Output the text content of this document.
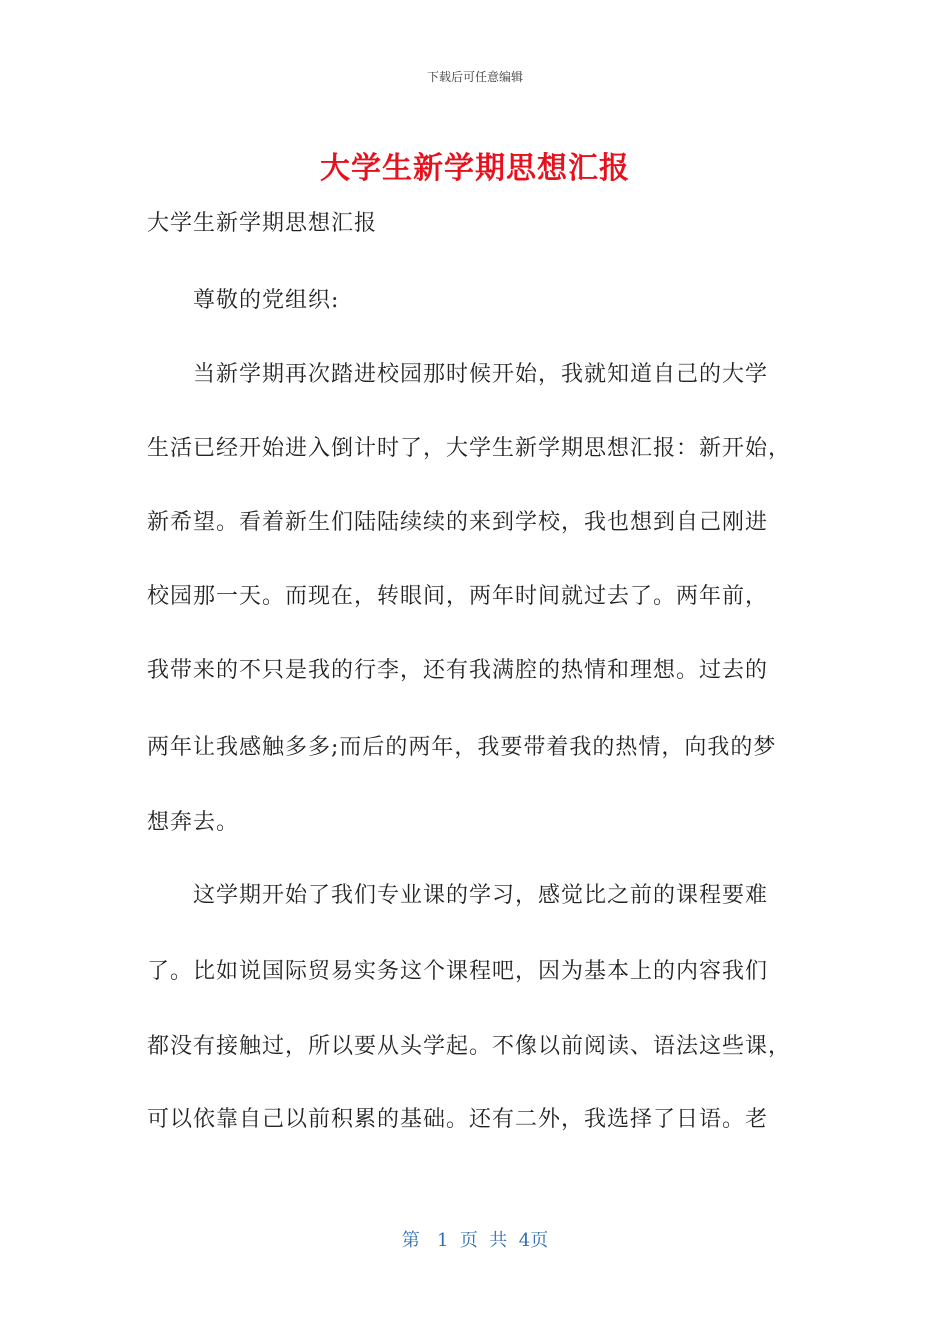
下载后可任意编辑
大学生新学期思想汇报
大学生新学期思想汇报
尊敬的党组织:
当新学期再次踏进校园那时候开始，我就知道自己的大学
生活已经开始进入倒计时了，大学生新学期思想汇报：新开始，
新希望。看着新生们陆陆续续的来到学校，我也想到自己刚进
校园那一天。而现在，转眼间，两年时间就过去了。两年前，
我带来的不只是我的行李，还有我满腔的热情和理想。过去的
两年让我感触多多;而后的两年，我要带着我的热情，向我的梦
想奔去。
这学期开始了我们专业课的学习，感觉比之前的课程要难
了。比如说国际贸易实务这个课程吧，因为基本上的内容我们
都没有接触过，所以要从头学起。不像以前阅读、语法这些课，
可以依靠自己以前积累的基础。还有二外，我选择了日语。老
第   1  页  共  4页
